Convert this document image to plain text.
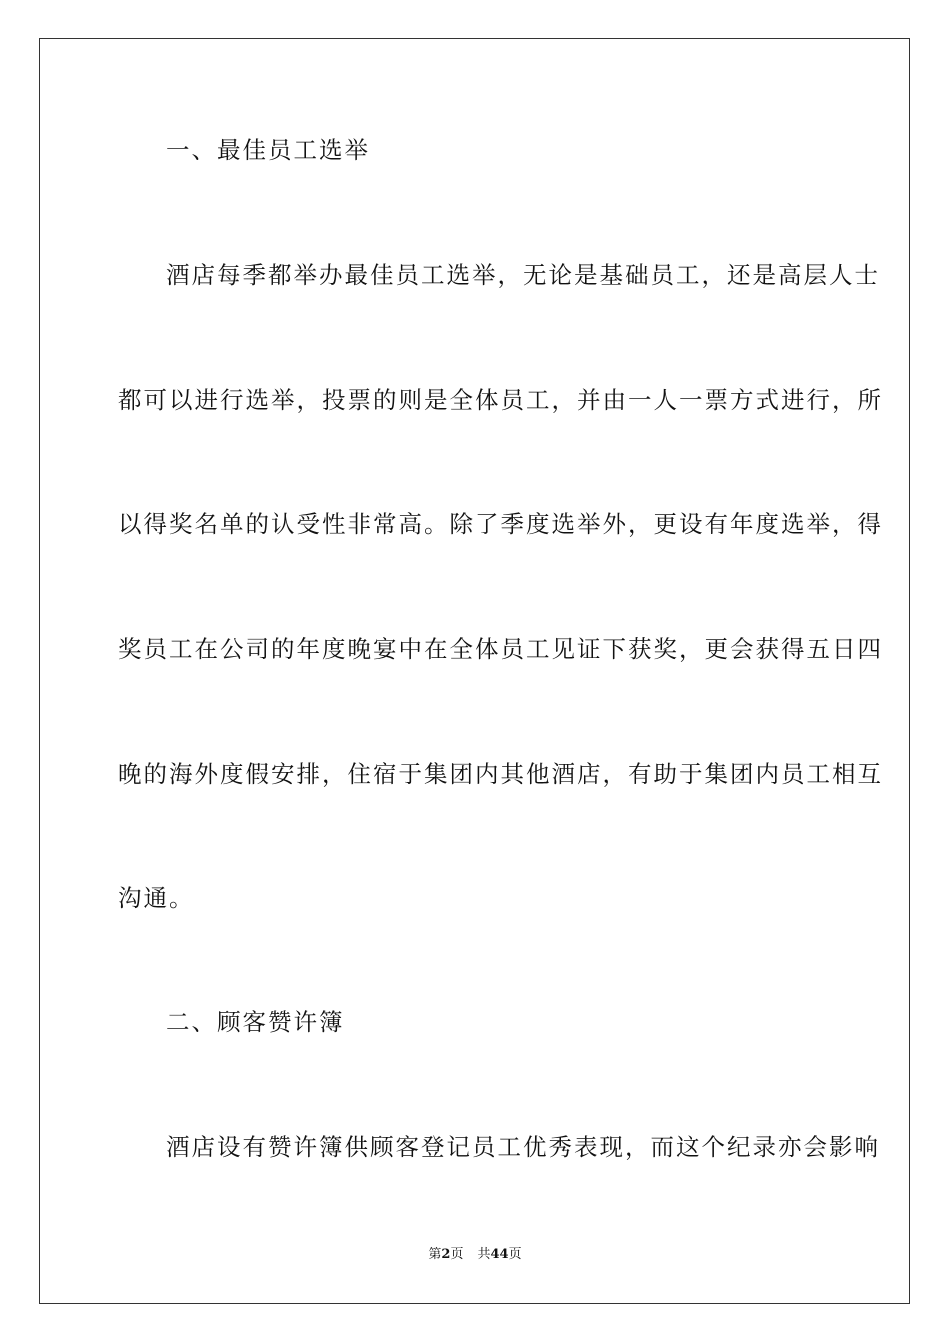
一、最佳员工选举
酒店每季都举办最佳员工选举，无论是基础员工，还是高层人士
都可以进行选举，投票的则是全体员工，并由一人一票方式进行，所
以得奖名单的认受性非常高。除了季度选举外，更设有年度选举，得
奖员工在公司的年度晚宴中在全体员工见证下获奖，更会获得五日四
晚的海外度假安排，住宿于集团内其他酒店，有助于集团内员工相互
沟通。
二、顾客赞许簿
酒店设有赞许簿供顾客登记员工优秀表现，而这个纪录亦会影响
第2页 共44页
